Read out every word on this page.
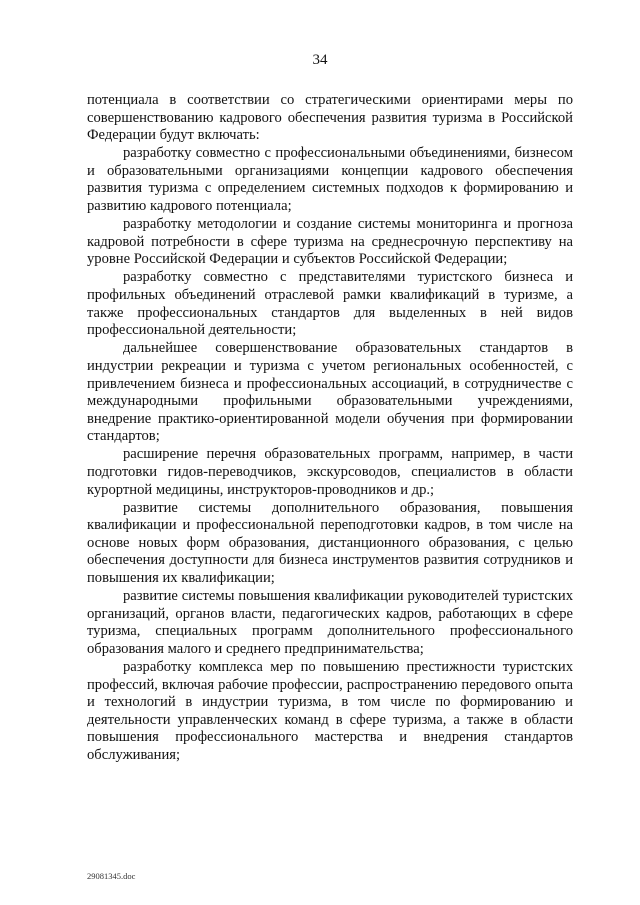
34

потенциала в соответствии со стратегическими ориентирами меры по совершенствованию кадрового обеспечения развития туризма в Российской Федерации будут включать:

разработку совместно с профессиональными объединениями, бизнесом и образовательными организациями концепции кадрового обеспечения развития туризма с определением системных подходов к формированию и развитию кадрового потенциала;

разработку методологии и создание системы мониторинга и прогноза кадровой потребности в сфере туризма на среднесрочную перспективу на уровне Российской Федерации и субъектов Российской Федерации;

разработку совместно с представителями туристского бизнеса и профильных объединений отраслевой рамки квалификаций в туризме, а также профессиональных стандартов для выделенных в ней видов профессиональной деятельности;

дальнейшее совершенствование образовательных стандартов в индустрии рекреации и туризма с учетом региональных особенностей, с привлечением бизнеса и профессиональных ассоциаций, в сотрудничестве с международными профильными образовательными учреждениями, внедрение практико-ориентированной модели обучения при формировании стандартов;

расширение перечня образовательных программ, например, в части подготовки гидов-переводчиков, экскурсоводов, специалистов в области курортной медицины, инструкторов-проводников и др.;

развитие системы дополнительного образования, повышения квалификации и профессиональной переподготовки кадров, в том числе на основе новых форм образования, дистанционного образования, с целью обеспечения доступности для бизнеса инструментов развития сотрудников и повышения их квалификации;

развитие системы повышения квалификации руководителей туристских организаций, органов власти, педагогических кадров, работающих в сфере туризма, специальных программ дополнительного профессионального образования малого и среднего предпринимательства;

разработку комплекса мер по повышению престижности туристских профессий, включая рабочие профессии, распространению передового опыта и технологий в индустрии туризма, в том числе по формированию и деятельности управленческих команд в сфере туризма, а также в области повышения профессионального мастерства и внедрения стандартов обслуживания;

29081345.doc
